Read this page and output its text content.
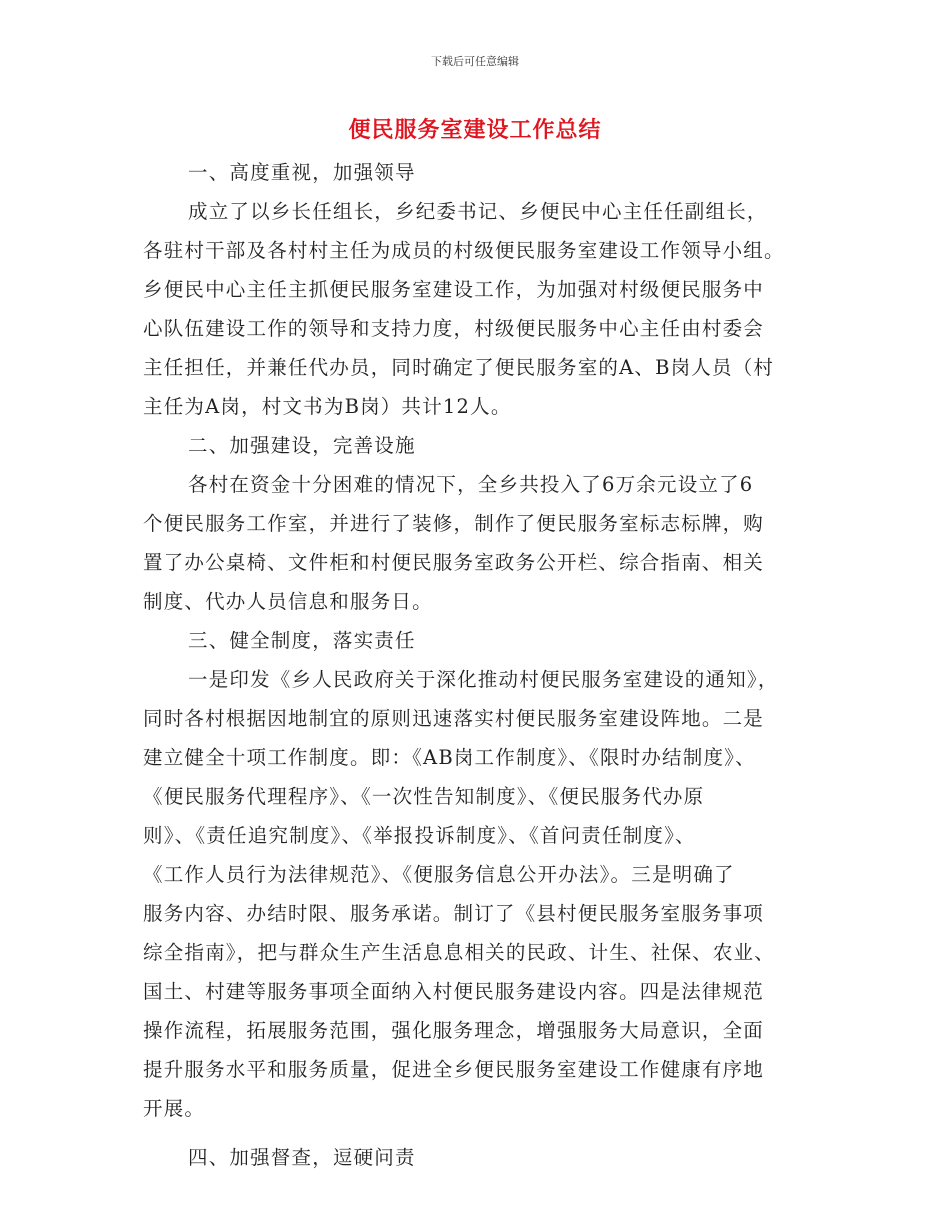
下载后可任意编辑
便民服务室建设工作总结
一、高度重视，加强领导
成立了以乡长任组长，乡纪委书记、乡便民中心主任任副组长，
各驻村干部及各村村主任为成员的村级便民服务室建设工作领导小组。
乡便民中心主任主抓便民服务室建设工作，为加强对村级便民服务中
心队伍建设工作的领导和支持力度，村级便民服务中心主任由村委会
主任担任，并兼任代办员，同时确定了便民服务室的A、B岗人员（村
主任为A岗，村文书为B岗）共计12人。
二、加强建设，完善设施
各村在资金十分困难的情况下，全乡共投入了6万余元设立了6
个便民服务工作室，并进行了装修，制作了便民服务室标志标牌，购
置了办公桌椅、文件柜和村便民服务室政务公开栏、综合指南、相关
制度、代办人员信息和服务日。
三、健全制度，落实责任
一是印发《乡人民政府关于深化推动村便民服务室建设的通知》，
同时各村根据因地制宜的原则迅速落实村便民服务室建设阵地。二是
建立健全十项工作制度。即：《AB岗工作制度》、《限时办结制度》、
《便民服务代理程序》、《一次性告知制度》、《便民服务代办原
则》、《责任追究制度》、《举报投诉制度》、《首问责任制度》、
《工作人员行为法律规范》、《便服务信息公开办法》。三是明确了
服务内容、办结时限、服务承诺。制订了《县村便民服务室服务事项
综全指南》，把与群众生产生活息息相关的民政、计生、社保、农业、
国土、村建等服务事项全面纳入村便民服务建设内容。四是法律规范
操作流程，拓展服务范围，强化服务理念，增强服务大局意识，全面
提升服务水平和服务质量，促进全乡便民服务室建设工作健康有序地
开展。
四、加强督查，逗硬问责
